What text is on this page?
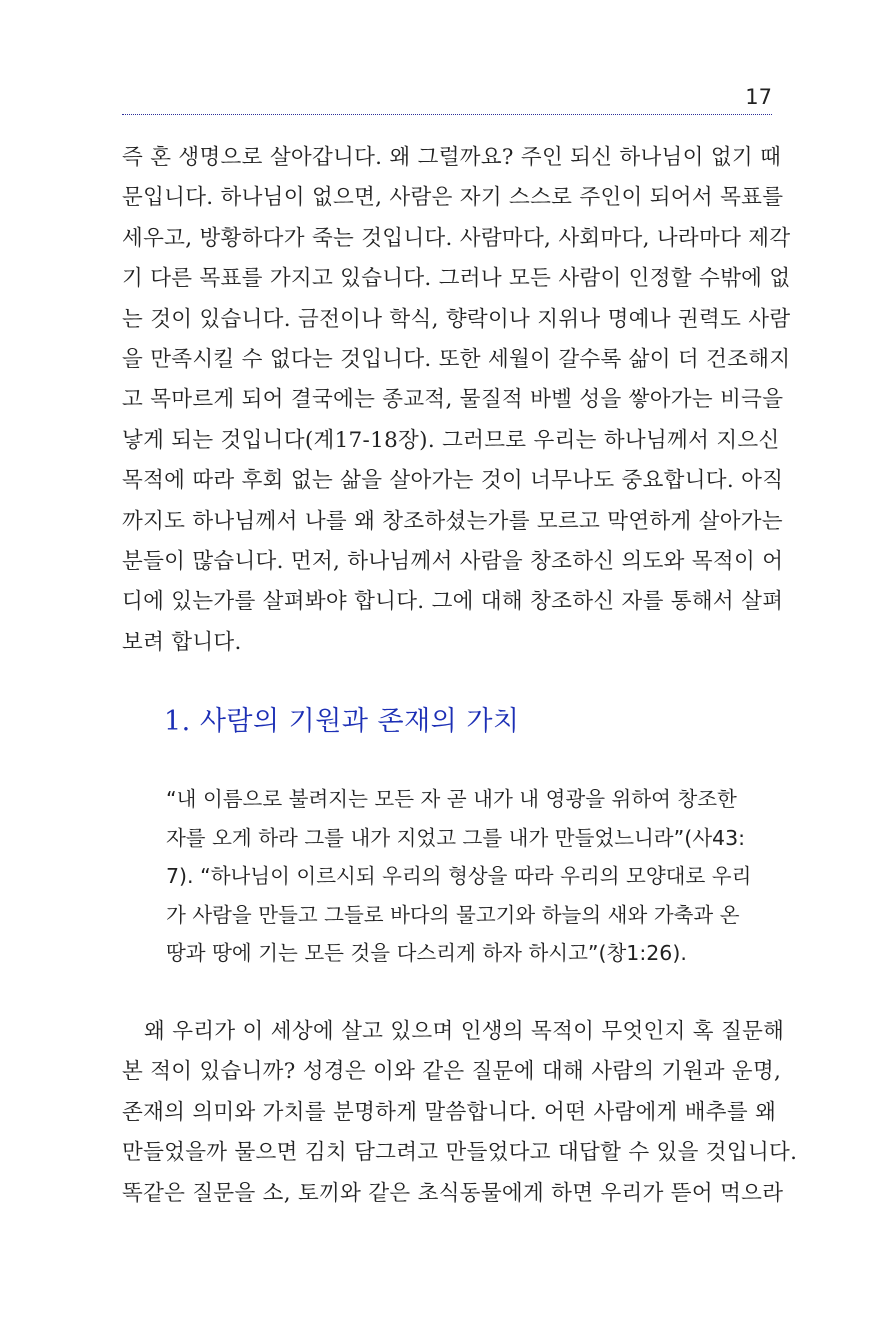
17
즉 혼 생명으로 살아갑니다. 왜 그럴까요? 주인 되신 하나님이 없기 때
문입니다. 하나님이 없으면, 사람은 자기 스스로 주인이 되어서 목표를
세우고, 방황하다가 죽는 것입니다. 사람마다, 사회마다, 나라마다 제각
기 다른 목표를 가지고 있습니다. 그러나 모든 사람이 인정할 수밖에 없
는 것이 있습니다. 금전이나 학식, 향락이나 지위나 명예나 권력도 사람
을 만족시킬 수 없다는 것입니다. 또한 세월이 갈수록 삶이 더 건조해지
고 목마르게 되어 결국에는 종교적, 물질적 바벨 성을 쌓아가는 비극을
낳게 되는 것입니다(계17-18장). 그러므로 우리는 하나님께서 지으신
목적에 따라 후회 없는 삶을 살아가는 것이 너무나도 중요합니다. 아직
까지도 하나님께서 나를 왜 창조하셨는가를 모르고 막연하게 살아가는
분들이 많습니다. 먼저, 하나님께서 사람을 창조하신 의도와 목적이 어
디에 있는가를 살펴봐야 합니다. 그에 대해 창조하신 자를 통해서 살펴
보려 합니다.
1. 사람의 기원과 존재의 가치
“내 이름으로 불려지는 모든 자 곧 내가 내 영광을 위하여 창조한
자를 오게 하라 그를 내가 지었고 그를 내가 만들었느니라”(사43:
7). “하나님이 이르시되 우리의 형상을 따라 우리의 모양대로 우리
가 사람을 만들고 그들로 바다의 물고기와 하늘의 새와 가축과 온
땅과 땅에 기는 모든 것을 다스리게 하자 하시고”(창1:26).
왜 우리가 이 세상에 살고 있으며 인생의 목적이 무엇인지 혹 질문해
본 적이 있습니까? 성경은 이와 같은 질문에 대해 사람의 기원과 운명,
존재의 의미와 가치를 분명하게 말씀합니다. 어떤 사람에게 배추를 왜
만들었을까 물으면 김치 담그려고 만들었다고 대답할 수 있을 것입니다.
똑같은 질문을 소, 토끼와 같은 초식동물에게 하면 우리가 뜯어 먹으라
